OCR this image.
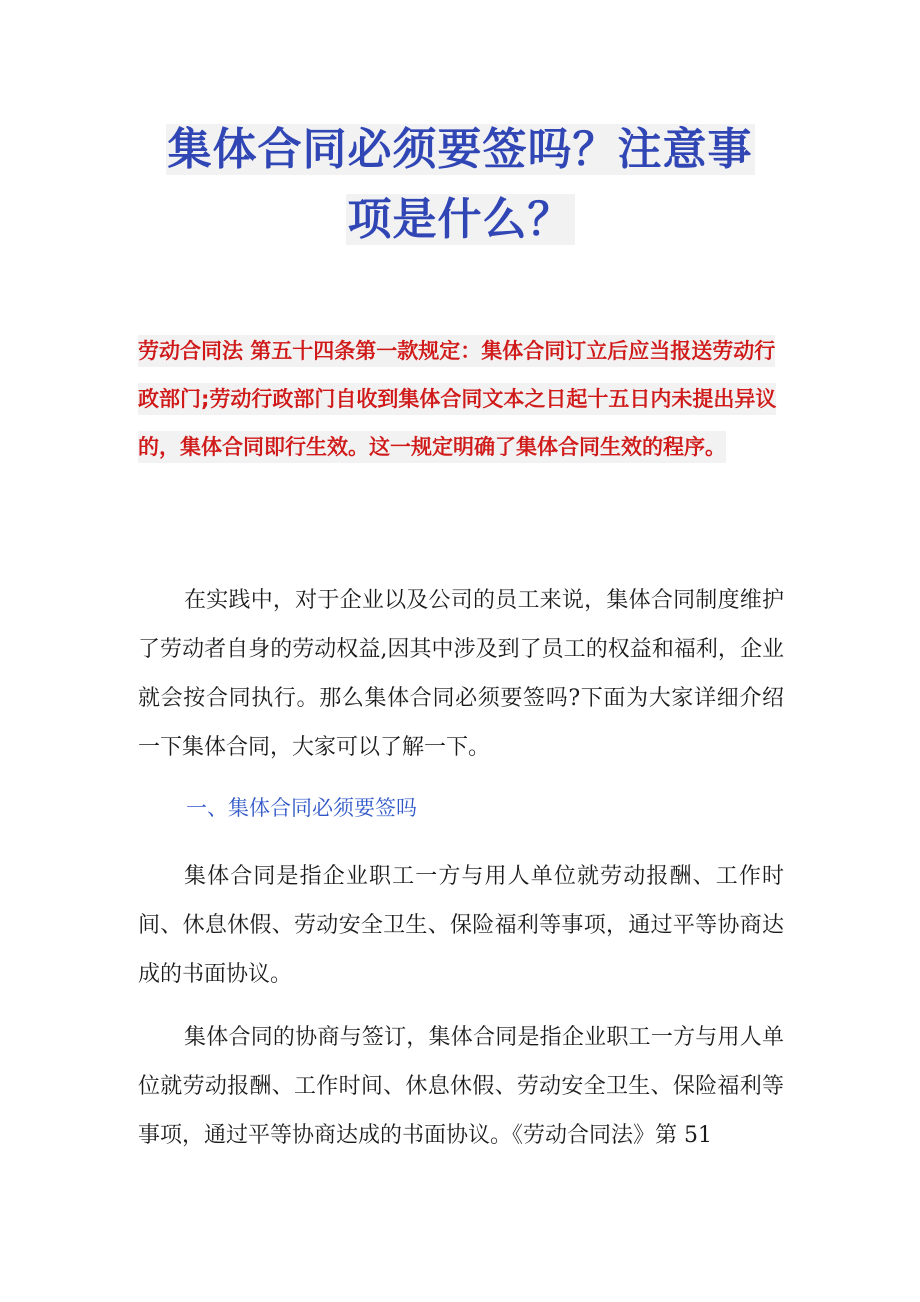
集体合同必须要签吗？注意事
项是什么？
劳动合同法 第五十四条第一款规定：集体合同订立后应当报送劳动行政部门;劳动行政部门自收到集体合同文本之日起十五日内未提出异议的，集体合同即行生效。这一规定明确了集体合同生效的程序。

在实践中，对于企业以及公司的员工来说，集体合同制度维护了劳动者自身的劳动权益,因其中涉及到了员工的权益和福利，企业就会按合同执行。那么集体合同必须要签吗?下面为大家详细介绍一下集体合同，大家可以了解一下。

一、集体合同必须要签吗

集体合同是指企业职工一方与用人单位就劳动报酬、工作时间、休息休假、劳动安全卫生、保险福利等事项，通过平等协商达成的书面协议。

集体合同的协商与签订，集体合同是指企业职工一方与用人单位就劳动报酬、工作时间、休息休假、劳动安全卫生、保险福利等事项，通过平等协商达成的书面协议。《劳动合同法》第 51
